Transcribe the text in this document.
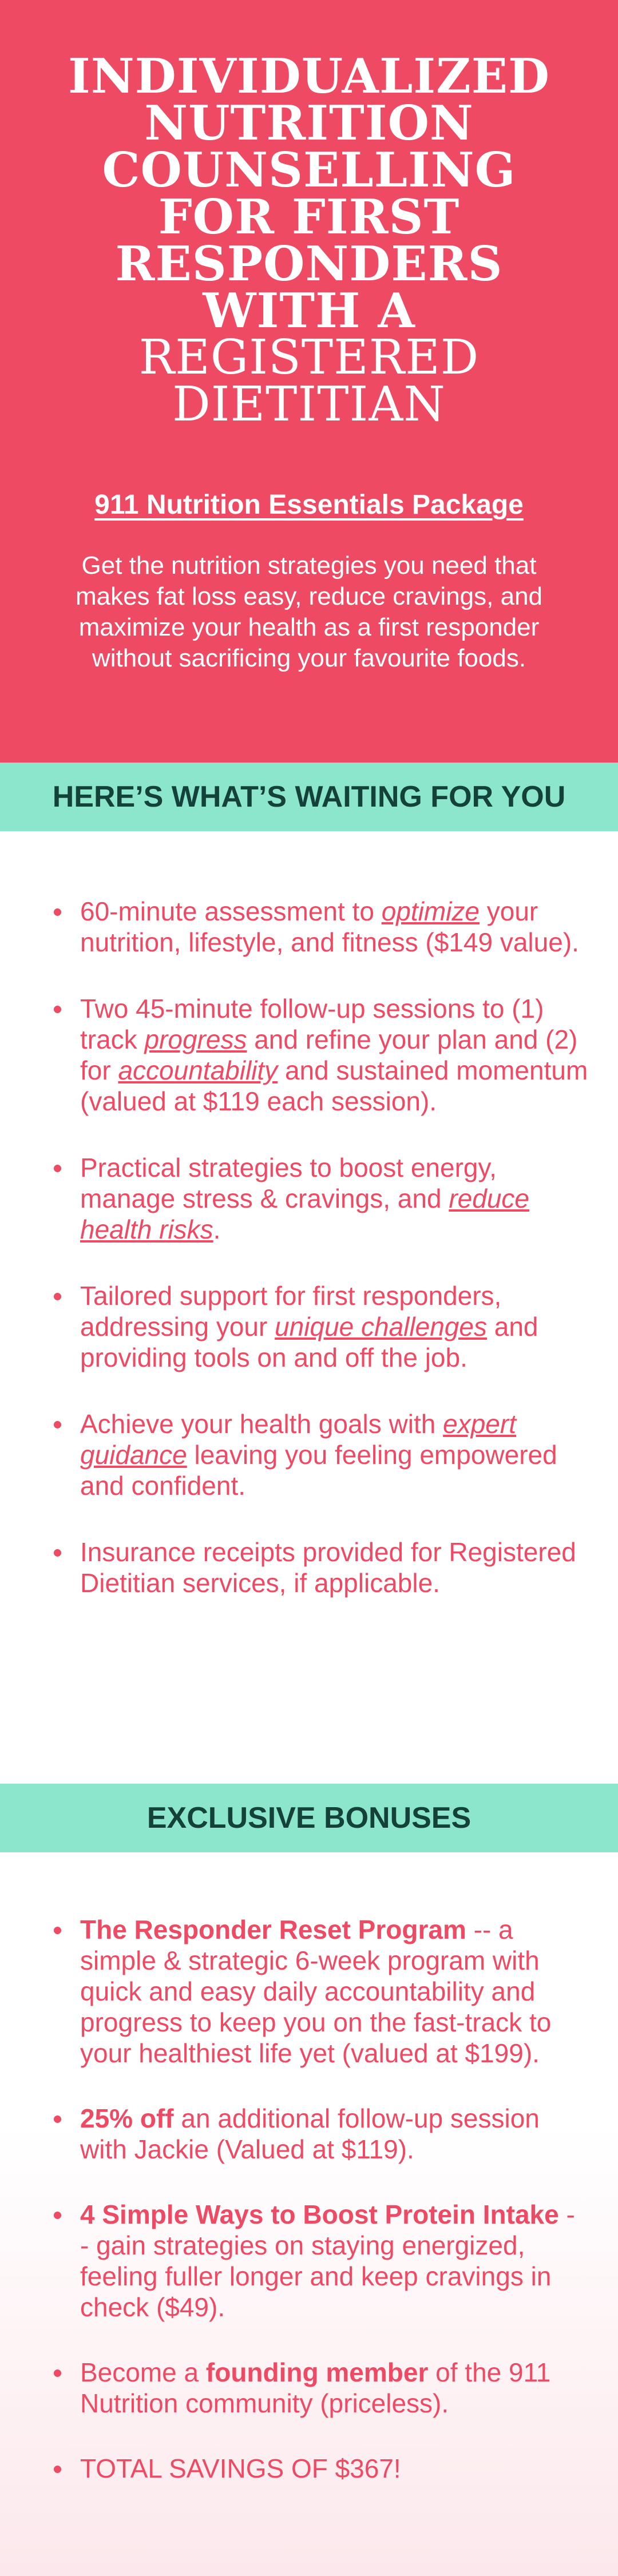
INDIVIDUALIZED
NUTRITION
COUNSELLING
FOR FIRST
RESPONDERS
WITH A
REGISTERED
DIETITIAN
911 Nutrition Essentials Package
Get the nutrition strategies you need that makes fat loss easy, reduce cravings, and maximize your health as a first responder without sacrificing your favourite foods.
HERE’S WHAT’S WAITING FOR YOU
60-minute assessment to optimize your nutrition, lifestyle, and fitness ($149 value).
Two 45-minute follow-up sessions to (1) track progress and refine your plan and (2) for accountability and sustained momentum (valued at $119 each session).
Practical strategies to boost energy, manage stress & cravings, and reduce health risks.
Tailored support for first responders, addressing your unique challenges and providing tools on and off the job.
Achieve your health goals with expert guidance leaving you feeling empowered and confident.
Insurance receipts provided for Registered Dietitian services, if applicable.
EXCLUSIVE BONUSES
The Responder Reset Program -- a simple & strategic 6-week program with quick and easy daily accountability and progress to keep you on the fast-track to your healthiest life yet (valued at $199).
25% off an additional follow-up session with Jackie (Valued at $119).
4 Simple Ways to Boost Protein Intake - - gain strategies on staying energized, feeling fuller longer and keep cravings in check ($49).
Become a founding member of the 911 Nutrition community (priceless).
TOTAL SAVINGS OF $367!
